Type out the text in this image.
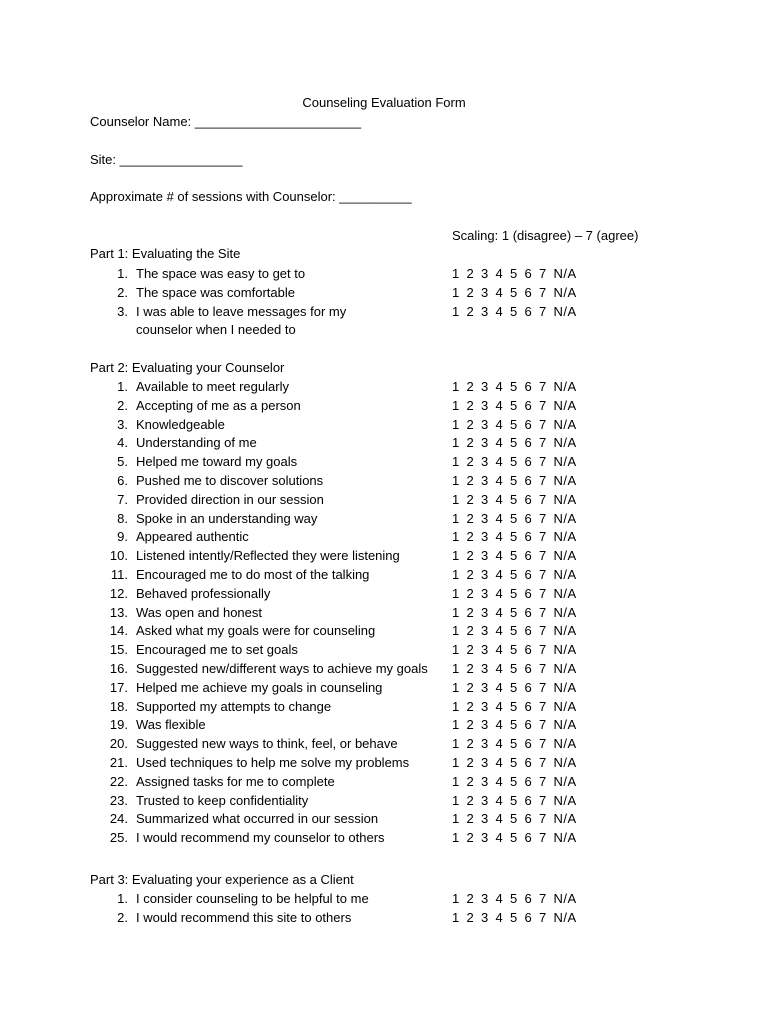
Counseling Evaluation Form
Counselor Name: _______________________
Site: _________________
Approximate # of sessions with Counselor: __________
Scaling: 1 (disagree) – 7 (agree)
Part 1: Evaluating the Site
1. The space was easy to get to	1 2 3 4 5 6 7 N/A
2. The space was comfortable	1 2 3 4 5 6 7 N/A
3. I was able to leave messages for my	1 2 3 4 5 6 7 N/A
counselor when I needed to
Part 2: Evaluating your Counselor
1. Available to meet regularly	1 2 3 4 5 6 7 N/A
2. Accepting of me as a person	1 2 3 4 5 6 7 N/A
3. Knowledgeable	1 2 3 4 5 6 7 N/A
4. Understanding of me	1 2 3 4 5 6 7 N/A
5. Helped me toward my goals	1 2 3 4 5 6 7 N/A
6. Pushed me to discover solutions	1 2 3 4 5 6 7 N/A
7. Provided direction in our session	1 2 3 4 5 6 7 N/A
8. Spoke in an understanding way	1 2 3 4 5 6 7 N/A
9. Appeared authentic	1 2 3 4 5 6 7 N/A
10. Listened intently/Reflected they were listening	1 2 3 4 5 6 7 N/A
11. Encouraged me to do most of the talking	1 2 3 4 5 6 7 N/A
12. Behaved professionally	1 2 3 4 5 6 7 N/A
13. Was open and honest	1 2 3 4 5 6 7 N/A
14. Asked what my goals were for counseling	1 2 3 4 5 6 7 N/A
15. Encouraged me to set goals	1 2 3 4 5 6 7 N/A
16. Suggested new/different ways to achieve my goals 1 2 3 4 5 6 7 N/A
17. Helped me achieve my goals in counseling	1 2 3 4 5 6 7 N/A
18. Supported my attempts to change	1 2 3 4 5 6 7 N/A
19. Was flexible	1 2 3 4 5 6 7 N/A
20. Suggested new ways to think, feel, or behave	1 2 3 4 5 6 7 N/A
21. Used techniques to help me solve my problems	1 2 3 4 5 6 7 N/A
22. Assigned tasks for me to complete	1 2 3 4 5 6 7 N/A
23. Trusted to keep confidentiality	1 2 3 4 5 6 7 N/A
24. Summarized what occurred in our session	1 2 3 4 5 6 7 N/A
25. I would recommend my counselor to others	1 2 3 4 5 6 7 N/A
Part 3: Evaluating your experience as a Client
1. I consider counseling to be helpful to me	1 2 3 4 5 6 7 N/A
2. I would recommend this site to others	1 2 3 4 5 6 7 N/A
